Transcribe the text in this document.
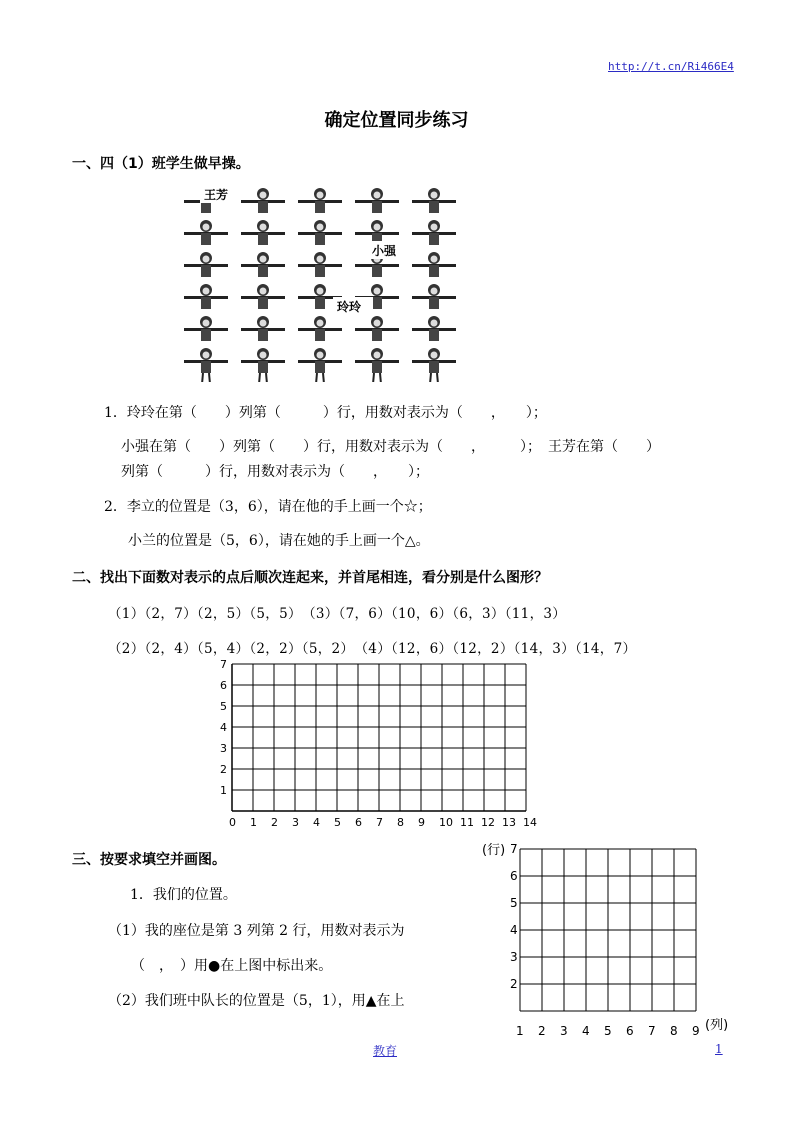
http://t.cn/Ri466E4
确定位置同步练习
一、四（1）班学生做早操。
王芳
小强
玲玲
1．玲玲在第（　　）列第（　　　）行，用数对表示为（　　，　　）；
小强在第（　　）列第（　　）行，用数对表示为（　　，　　　）；　王芳在第（　　）
列第（　　　）行，用数对表示为（　　，　　）；
2．李立的位置是（3，6），请在他的手上画一个☆；
小兰的位置是（5，6），请在她的手上画一个△。
二、找出下面数对表示的点后顺次连起来，并首尾相连，看分别是什么图形？
（1）（2，7）（2，5）（5，5）　（3）（7，6）（10，6）（6，3）（11，3）
（2）（2，4）（5，4）（2，2）（5，2）　（4）（12，6）（12，2）（14，3）（14，7）
0 1 2 3 4 5 6 7 8 9 10 11 12 13 14
1
2
3
4
5
6
7
三、按要求填空并画图。
1．我们的位置。
（1）我的座位是第 3 列第 2 行，用数对表示为
（　，　）用●在上图中标出来。
（2）我们班中队长的位置是（5，1），用▲在上
(行)
(列)
1 2 3 4 5 6 7 8 9
2
3
4
5
6
7
教育	1
